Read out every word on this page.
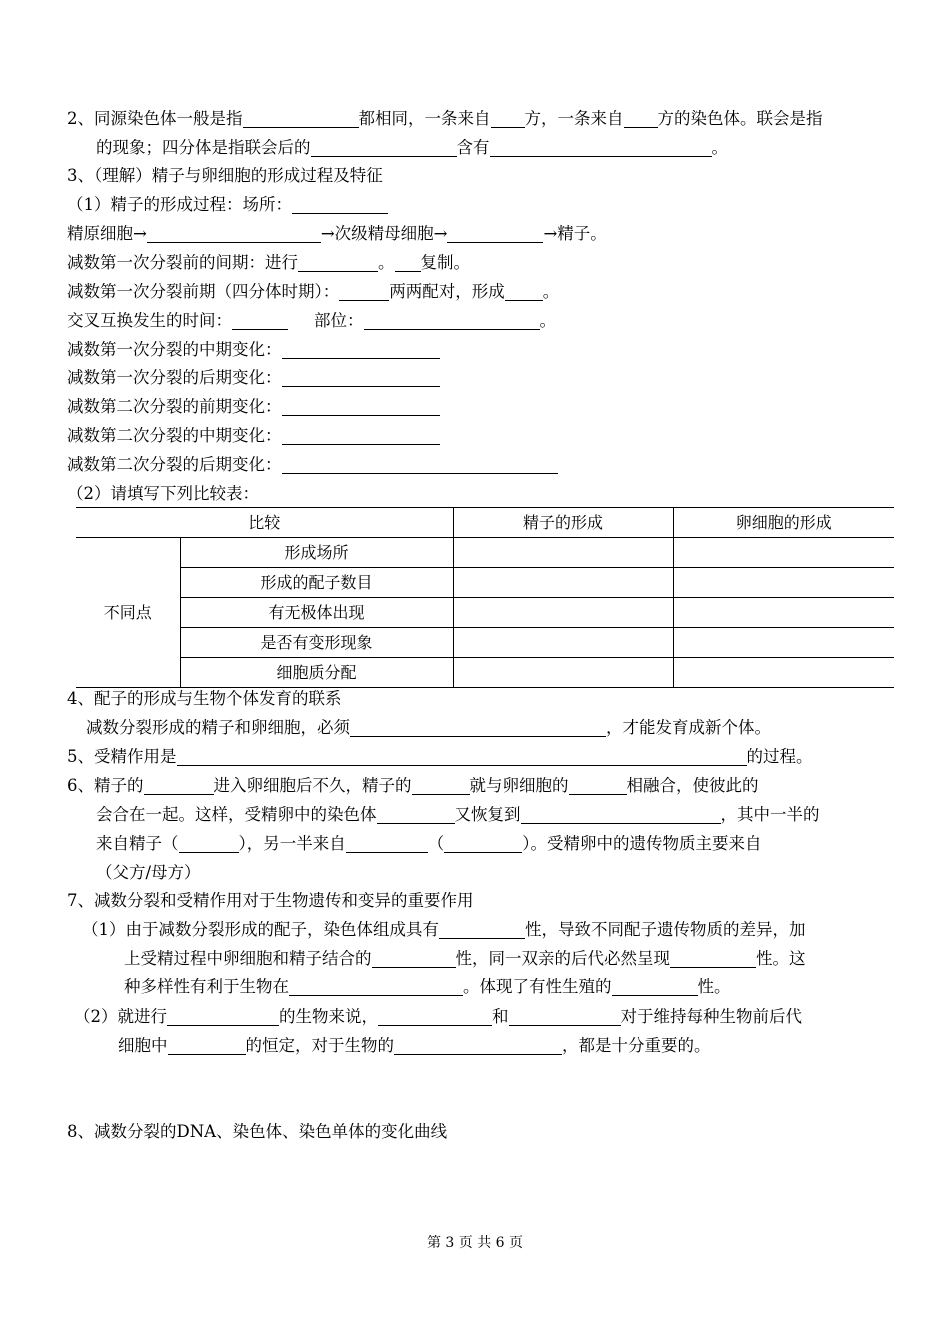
2、同源染色体一般是指	都相同，一条来自 方，一条来自 方的染色体。联会是指
的现象；四分体是指联会后的	含有	。
3、（理解）精子与卵细胞的形成过程及特征
（1）精子的形成过程：场所：
精原细胞→	→次级精母细胞→	→精子。
减数第一次分裂前的间期：进行	。 复制。
减数第一次分裂前期（四分体时期）：	两两配对，形成 。
交叉互换发生的时间：	部位：	。
减数第一次分裂的中期变化：
减数第一次分裂的后期变化：
减数第二次分裂的前期变化：
减数第二次分裂的中期变化：
减数第二次分裂的后期变化：
（2）请填写下列比较表：
比较		精子的形成	卵细胞的形成
不同点	形成场所		
	形成的配子数目		
	有无极体出现		
	是否有变形现象		
	细胞质分配		
4、配子的形成与生物个体发育的联系
减数分裂形成的精子和卵细胞，必须	，才能发育成新个体。
5、受精作用是	的过程。
6、精子的	进入卵细胞后不久，精子的	就与卵细胞的	相融合，使彼此的
会合在一起。这样，受精卵中的染色体	又恢复到	，其中一半的
来自精子（	），另一半来自	（	）。受精卵中的遗传物质主要来自
（父方/母方）
7、减数分裂和受精作用对于生物遗传和变异的重要作用
（1）由于减数分裂形成的配子，染色体组成具有	性，导致不同配子遗传物质的差异，加
上受精过程中卵细胞和精子结合的	性，同一双亲的后代必然呈现	性。这
种多样性有利于生物在	。体现了有性生殖的	性。
（2）就进行	的生物来说，	和	对于维持每种生物前后代
细胞中	的恒定，对于生物的	，都是十分重要的。
8、减数分裂的DNA、染色体、染色单体的变化曲线
第 3 页 共 6 页
